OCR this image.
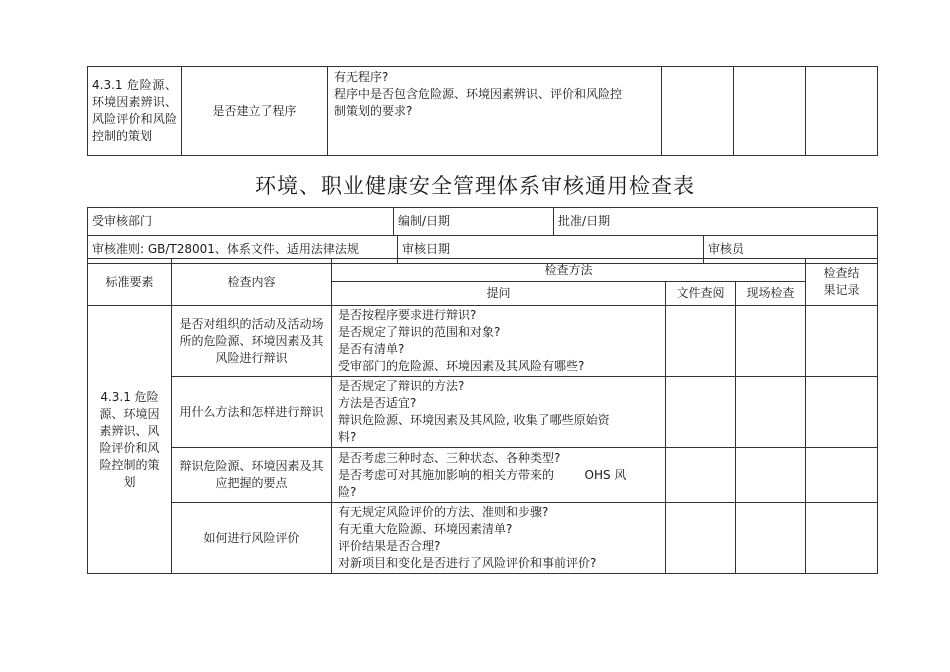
4.3.1 危险源、环境因素辨识、风险评价和风险控制的策划	是否建立了程序	
有无程序?
程序中是否包含危险源、环境因素辨识、评价和风险控
制策划的要求?

环境、职业健康安全管理体系审核通用检查表
受审核部门	编制/日期		批准/日期	
审核准则: GB/T28001、体系文件、适用法律法规		审核日期		审核员
标准要素	检查内容	检查方法			检查结果记录
		提问	文件查阅	现场检查	
4.3.1 危险源、环境因素辨识、风险评价和风险控制的策划	是否对组织的活动及活动场所的危险源、环境因素及其风险进行辩识	是否按程序要求进行辩识?
是否规定了辩识的范围和对象?
是否有清单?
受审部门的危险源、环境因素及其风险有哪些?			

	用什么方法和怎样进行辩识	是否规定了辩识的方法?
方法是否适宜?
辩识危险源、环境因素及其风险, 收集了哪些原始资
料?			

	辩识危险源、环境因素及其应把握的要点	是否考虑三种时态、三种状态、各种类型?
是否考虑可对其施加影响的相关方带来的        OHS 风
险?			

	如何进行风险评价	有无规定风险评价的方法、准则和步骤?
有无重大危险源、环境因素清单?
评价结果是否合理?
对新项目和变化是否进行了风险评价和事前评价?			
